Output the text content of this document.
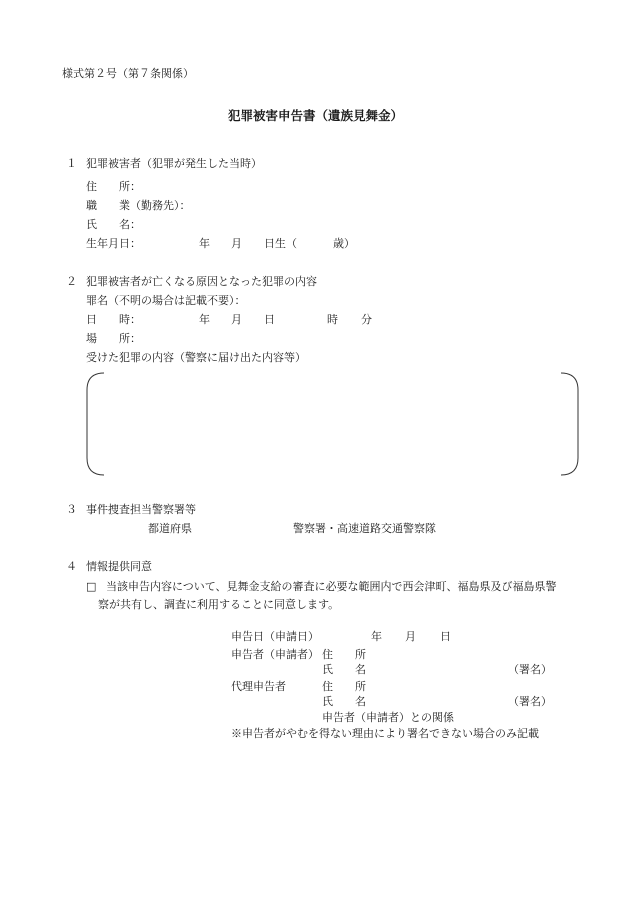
様式第２号（第７条関係）
犯罪被害申告書（遺族見舞金）
１ 犯罪被害者（犯罪が発生した当時）
住　　所：
職　　業（勤務先）：
氏　　名：
生年月日：	年 月 日生（	歳）
２ 犯罪被害者が亡くなる原因となった犯罪の内容
罪名（不明の場合は記載不要）：
日　　時：	年 月 日	時 分
場　　所：
受けた犯罪の内容（警察に届け出た内容等）
３ 事件捜査担当警察署等
都道府県	警察署・高速道路交通警察隊
４ 情報提供同意
□ 当該申告内容について、見舞金支給の審査に必要な範囲内で西会津町、福島県及び福島県警
察が共有し、調査に利用することに同意します。
申告日（申請日）	年 月 日
申告者（申請者） 住　　所
氏　　名	（署名）
代理申告者	住　　所
氏　　名	（署名）
申告者（申請者）との関係
※申告者がやむを得ない理由により署名できない場合のみ記載
